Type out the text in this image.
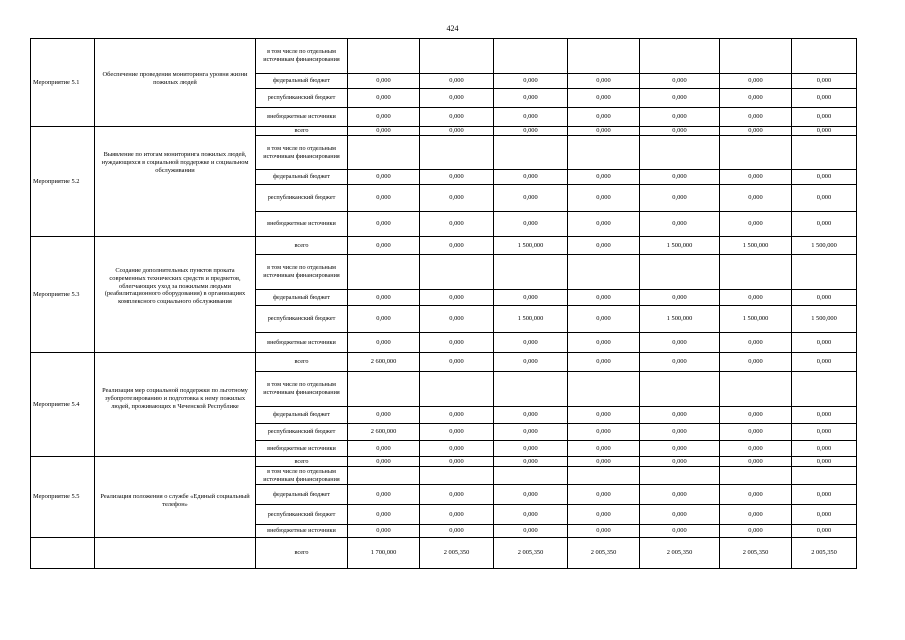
424
Мероприятие 5.1	Обеспечение проведения мониторинга уровня жизни пожилых людей	в том числе по отдельным источникам финансирования							
		федеральный бюджет	0,000	0,000	0,000	0,000	0,000	0,000	0,000
		республиканский бюджет	0,000	0,000	0,000	0,000	0,000	0,000	0,000
		внебюджетные источники	0,000	0,000	0,000	0,000	0,000	0,000	0,000
Мероприятие 5.2	Выявление по итогам мониторинга пожилых людей, нуждающихся в социальной поддержке и социальном обслуживании	всего	0,000	0,000	0,000	0,000	0,000	0,000	0,000
		в том числе по отдельным источникам финансирования							
		федеральный бюджет	0,000	0,000	0,000	0,000	0,000	0,000	0,000
		республиканский бюджет	0,000	0,000	0,000	0,000	0,000	0,000	0,000
		внебюджетные источники	0,000	0,000	0,000	0,000	0,000	0,000	0,000
Мероприятие 5.3	Создание дополнительных пунктов проката современных технических средств и предметов, облегчающих уход за пожилыми людьми (реабилитационного оборудования) в организациях комплексного социального обслуживания	всего	0,000	0,000	1 500,000	0,000	1 500,000	1 500,000	1 500,000
		в том числе по отдельным источникам финансирования							
		федеральный бюджет	0,000	0,000	0,000	0,000	0,000	0,000	0,000
		республиканский бюджет	0,000	0,000	1 500,000	0,000	1 500,000	1 500,000	1 500,000
		внебюджетные источники	0,000	0,000	0,000	0,000	0,000	0,000	0,000
Мероприятие 5.4	Реализация мер социальной поддержки по льготному зубопротезированию и подготовка к нему пожилых людей, проживающих в Чеченской Республике	всего	2 600,000	0,000	0,000	0,000	0,000	0,000	0,000
		в том числе по отдельным источникам финансирования							
		федеральный бюджет	0,000	0,000	0,000	0,000	0,000	0,000	0,000
		республиканский бюджет	2 600,000	0,000	0,000	0,000	0,000	0,000	0,000
		внебюджетные источники	0,000	0,000	0,000	0,000	0,000	0,000	0,000
Мероприятие 5.5	Реализация положения о службе «Единый социальный телефон»	всего	0,000	0,000	0,000	0,000	0,000	0,000	0,000
		в том числе по отдельным источникам финансирования							
		федеральный бюджет	0,000	0,000	0,000	0,000	0,000	0,000	0,000
		республиканский бюджет	0,000	0,000	0,000	0,000	0,000	0,000	0,000
		внебюджетные источники	0,000	0,000	0,000	0,000	0,000	0,000	0,000
		всего	1 700,000	2 005,350	2 005,350	2 005,350	2 005,350	2 005,350	2 005,350
